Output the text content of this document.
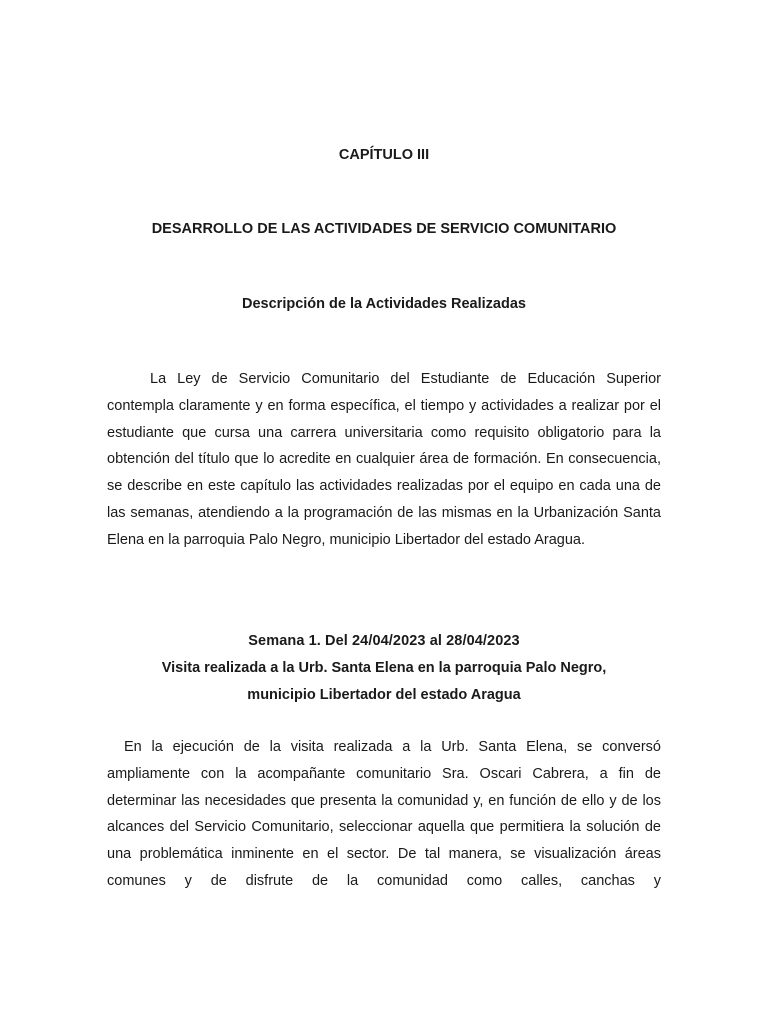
CAPÍTULO III
DESARROLLO DE LAS ACTIVIDADES DE SERVICIO COMUNITARIO
Descripción de la Actividades Realizadas

La Ley de Servicio Comunitario del Estudiante de Educación Superior contempla claramente y en forma específica, el tiempo y actividades a realizar por el estudiante que cursa una carrera universitaria como requisito obligatorio para la obtención del título que lo acredite en cualquier área de formación. En consecuencia, se describe en este capítulo las actividades realizadas por el equipo en cada una de las semanas, atendiendo a la programación de las mismas en la Urbanización Santa Elena en la parroquia Palo Negro, municipio Libertador del estado Aragua.

Semana 1. Del 24/04/2023 al 28/04/2023
Visita realizada a la Urb. Santa Elena en la parroquia Palo Negro,
municipio Libertador del estado Aragua

En la ejecución de la visita realizada a la Urb. Santa Elena, se conversó ampliamente con la acompañante comunitario Sra. Oscari Cabrera, a fin de determinar las necesidades que presenta la comunidad y, en función de ello y de los alcances del Servicio Comunitario, seleccionar aquella que permitiera la solución de una problemática inminente en el sector. De tal manera, se visualización áreas comunes y de disfrute de la comunidad como calles, canchas y
